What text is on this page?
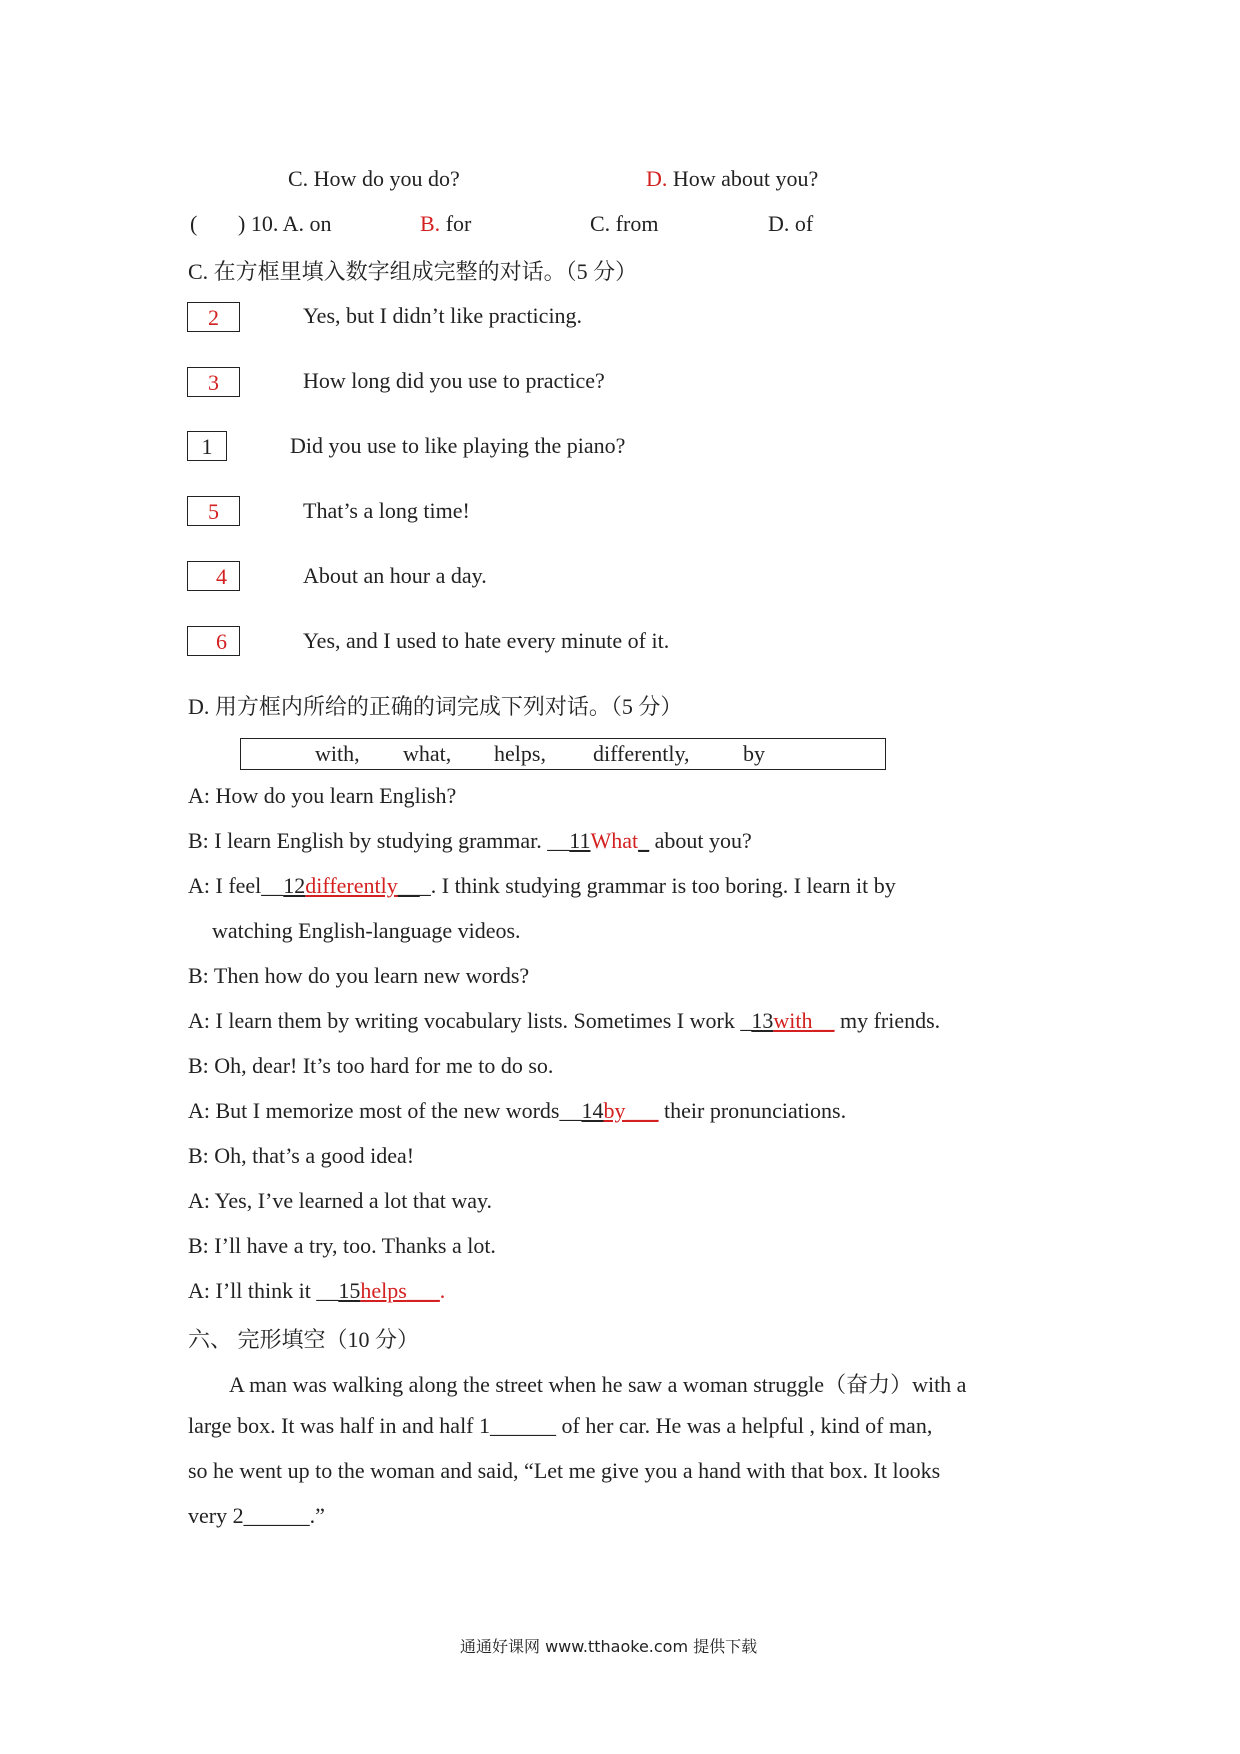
C. How do you do?	D. How about you?
( ) 10. A. on	B. for	C. from	D. of
C. 在方框里填入数字组成完整的对话。（5 分）
2	Yes, but I didn’t like practicing.
3	How long did you use to practice?
1	Did you use to like playing the piano?
5	That’s a long time!
4	About an hour a day.
6	Yes, and I used to hate every minute of it.
D. 用方框内所给的正确的词完成下列对话。（5 分）
with, what, helps, differently, by
A: How do you learn English?
B: I learn English by studying grammar. __11What_ about you?
A: I feel__12differently___. I think studying grammar is too boring. I learn it by
watching English-language videos.
B: Then how do you learn new words?
A: I learn them by writing vocabulary lists. Sometimes I work _13with__ my friends.
B: Oh, dear! It’s too hard for me to do so.
A: But I memorize most of the new words__14by___ their pronunciations.
B: Oh, that’s a good idea!
A: Yes, I’ve learned a lot that way.
B: I’ll have a try, too. Thanks a lot.
A: I’ll think it __15helps___.
六、 完形填空（10 分）
A man was walking along the street when he saw a woman struggle（奋力）with a
large box. It was half in and half 1______ of her car. He was a helpful , kind of man,
so he went up to the woman and said, “Let me give you a hand with that box. It looks
very 2______.”
通通好课网 www.tthaoke.com 提供下载
